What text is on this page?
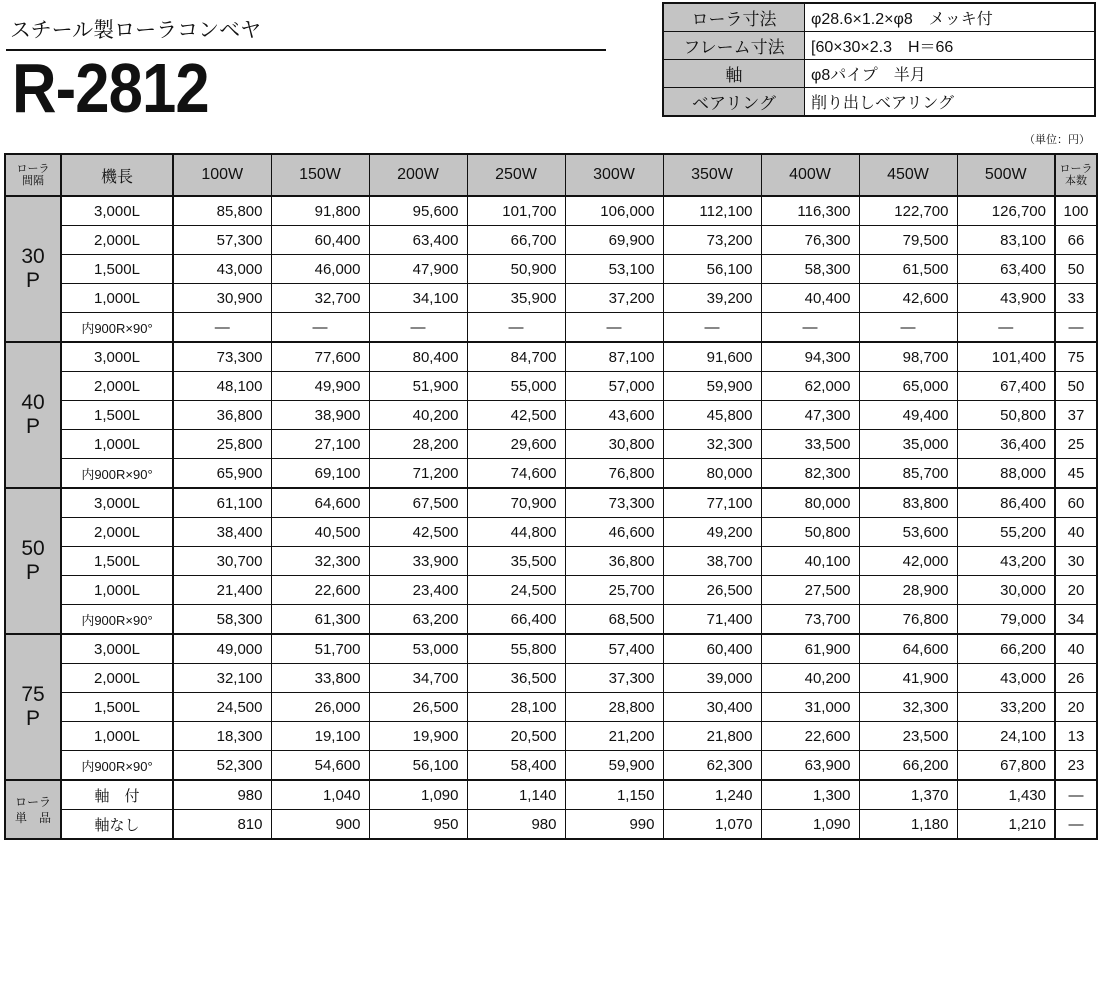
スチール製ローラコンベヤ
R-2812
ローラ寸法	φ28.6×1.2×φ8　メッキ付
フレーム寸法	[60×30×2.3　H＝66
軸	φ8パイプ　半月
ベアリング	削り出しベアリング
（単位：円）
ローラ
間隔	機長	100W	150W	200W	250W	300W	350W	400W	450W	500W	ローラ
本数
30
P	3,000L	85,800	91,800	95,600	101,700	106,000	112,100	116,300	122,700	126,700	100
	2,000L	57,300	60,400	63,400	66,700	69,900	73,200	76,300	79,500	83,100	66
	1,500L	43,000	46,000	47,900	50,900	53,100	56,100	58,300	61,500	63,400	50
	1,000L	30,900	32,700	34,100	35,900	37,200	39,200	40,400	42,600	43,900	33
	内900R×90°	—	—	—	—	—	—	—	—	—	—
40
P	3,000L	73,300	77,600	80,400	84,700	87,100	91,600	94,300	98,700	101,400	75
	2,000L	48,100	49,900	51,900	55,000	57,000	59,900	62,000	65,000	67,400	50
	1,500L	36,800	38,900	40,200	42,500	43,600	45,800	47,300	49,400	50,800	37
	1,000L	25,800	27,100	28,200	29,600	30,800	32,300	33,500	35,000	36,400	25
	内900R×90°	65,900	69,100	71,200	74,600	76,800	80,000	82,300	85,700	88,000	45
50
P	3,000L	61,100	64,600	67,500	70,900	73,300	77,100	80,000	83,800	86,400	60
	2,000L	38,400	40,500	42,500	44,800	46,600	49,200	50,800	53,600	55,200	40
	1,500L	30,700	32,300	33,900	35,500	36,800	38,700	40,100	42,000	43,200	30
	1,000L	21,400	22,600	23,400	24,500	25,700	26,500	27,500	28,900	30,000	20
	内900R×90°	58,300	61,300	63,200	66,400	68,500	71,400	73,700	76,800	79,000	34
75
P	3,000L	49,000	51,700	53,000	55,800	57,400	60,400	61,900	64,600	66,200	40
	2,000L	32,100	33,800	34,700	36,500	37,300	39,000	40,200	41,900	43,000	26
	1,500L	24,500	26,000	26,500	28,100	28,800	30,400	31,000	32,300	33,200	20
	1,000L	18,300	19,100	19,900	20,500	21,200	21,800	22,600	23,500	24,100	13
	内900R×90°	52,300	54,600	56,100	58,400	59,900	62,300	63,900	66,200	67,800	23
ローラ
単　品	軸　付	980	1,040	1,090	1,140	1,150	1,240	1,300	1,370	1,430	—
	軸なし	810	900	950	980	990	1,070	1,090	1,180	1,210	—
